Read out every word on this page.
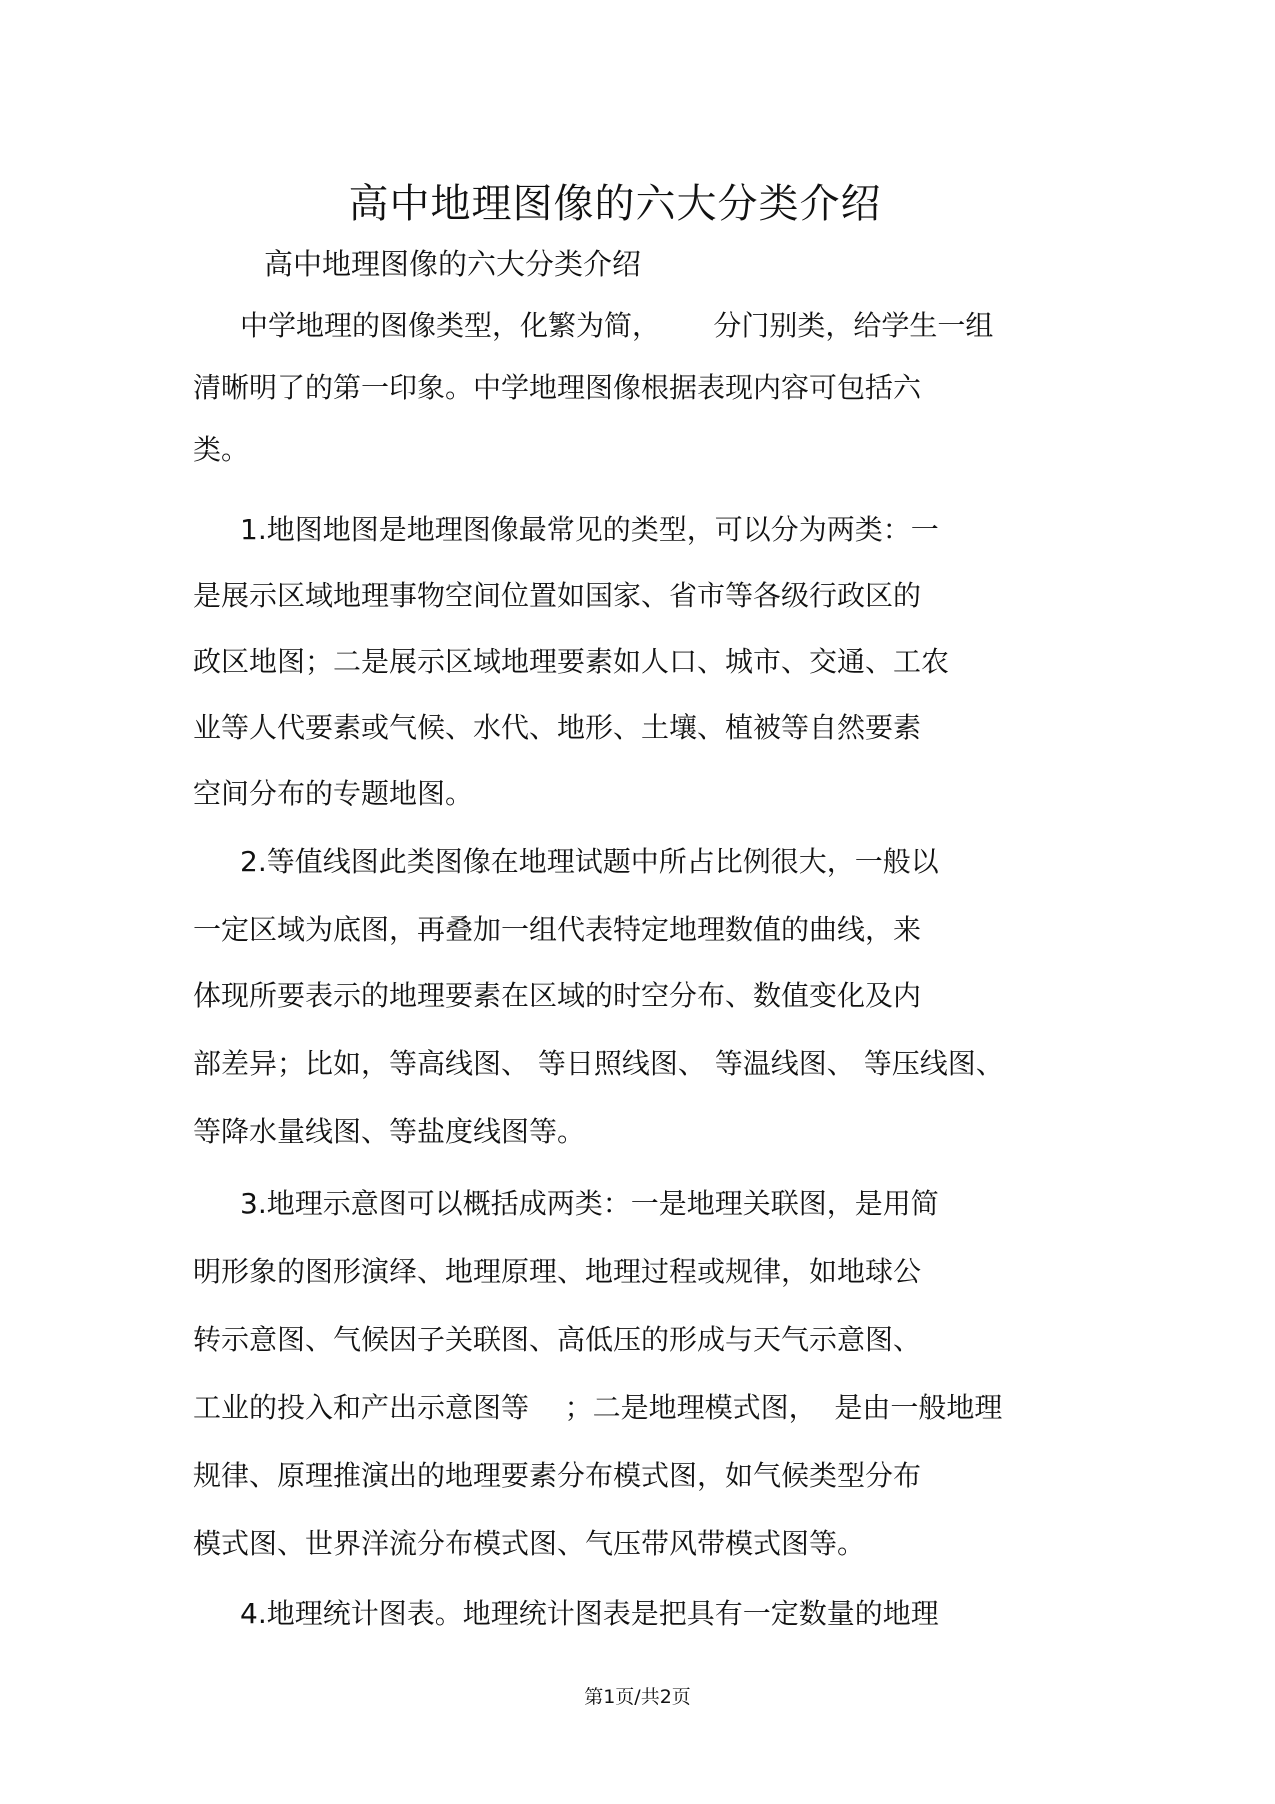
高中地理图像的六大分类介绍
高中地理图像的六大分类介绍
中学地理的图像类型，化繁为简，      分门别类，给学生一组
清晰明了的第一印象。中学地理图像根据表现内容可包括六
类。
1.地图地图是地理图像最常见的类型，可以分为两类：一
是展示区域地理事物空间位置如国家、省市等各级行政区的
政区地图；二是展示区域地理要素如人口、城市、交通、工农
业等人代要素或气候、水代、地形、土壤、植被等自然要素
空间分布的专题地图。
2.等值线图此类图像在地理试题中所占比例很大，一般以
一定区域为底图，再叠加一组代表特定地理数值的曲线，来
体现所要表示的地理要素在区域的时空分布、数值变化及内
部差异；比如，等高线图、 等日照线图、 等温线图、 等压线图、
等降水量线图、等盐度线图等。
3.地理示意图可以概括成两类：一是地理关联图，是用简
明形象的图形演绎、地理原理、地理过程或规律，如地球公
转示意图、气候因子关联图、高低压的形成与天气示意图、
工业的投入和产出示意图等    ；二是地理模式图，  是由一般地理
规律、原理推演出的地理要素分布模式图，如气候类型分布
模式图、世界洋流分布模式图、气压带风带模式图等。
4.地理统计图表。地理统计图表是把具有一定数量的地理
第1页/共2页
